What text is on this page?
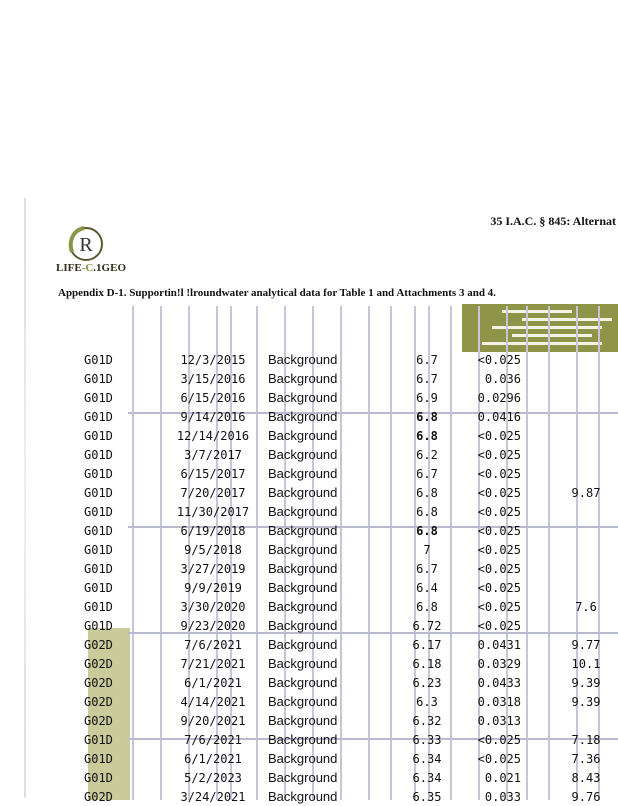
35 I.A.C. § 845: Alternat
R
LIFE-C.1GEO
Appendix D-1. Supportin!l !lroundwater analytical data for Table 1 and Attachments 3 and 4.
G01D	12/3/2015	Background	6.7	<0.025		
G01D	3/15/2016	Background	6.7	0.036		
G01D	6/15/2016	Background	6.9	0.0296		
G01D	9/14/2016	Background	6.8	0.0416		
G01D	12/14/2016	Background	6.8	<0.025		
G01D	3/7/2017	Background	6.2	<0.025		
G01D	6/15/2017	Background	6.7	<0.025		
G01D	7/20/2017	Background	6.8	<0.025		9.87
G01D	11/30/2017	Background	6.8	<0.025		
G01D	6/19/2018	Background	6.8	<0.025		
G01D	9/5/2018	Background	7	<0.025		
G01D	3/27/2019	Background	6.7	<0.025		
G01D	9/9/2019	Background	6.4	<0.025		
G01D	3/30/2020	Background	6.8	<0.025		7.6
G01D	9/23/2020	Background	6.72	<0.025		
G02D	7/6/2021	Background	6.17	0.0431		9.77
G02D	7/21/2021	Background	6.18	0.0329		10.1
G02D	6/1/2021	Background	6.23	0.0433		9.39
G02D	4/14/2021	Background	6.3	0.0318		9.39
G02D	9/20/2021	Background	6.32	0.0313		
G01D	7/6/2021	Background	6.33	<0.025		7.18
G01D	6/1/2021	Background	6.34	<0.025		7.36
G01D	5/2/2023	Background	6.34	0.021		8.43
G02D	3/24/2021	Background	6.35	0.033		9.76
